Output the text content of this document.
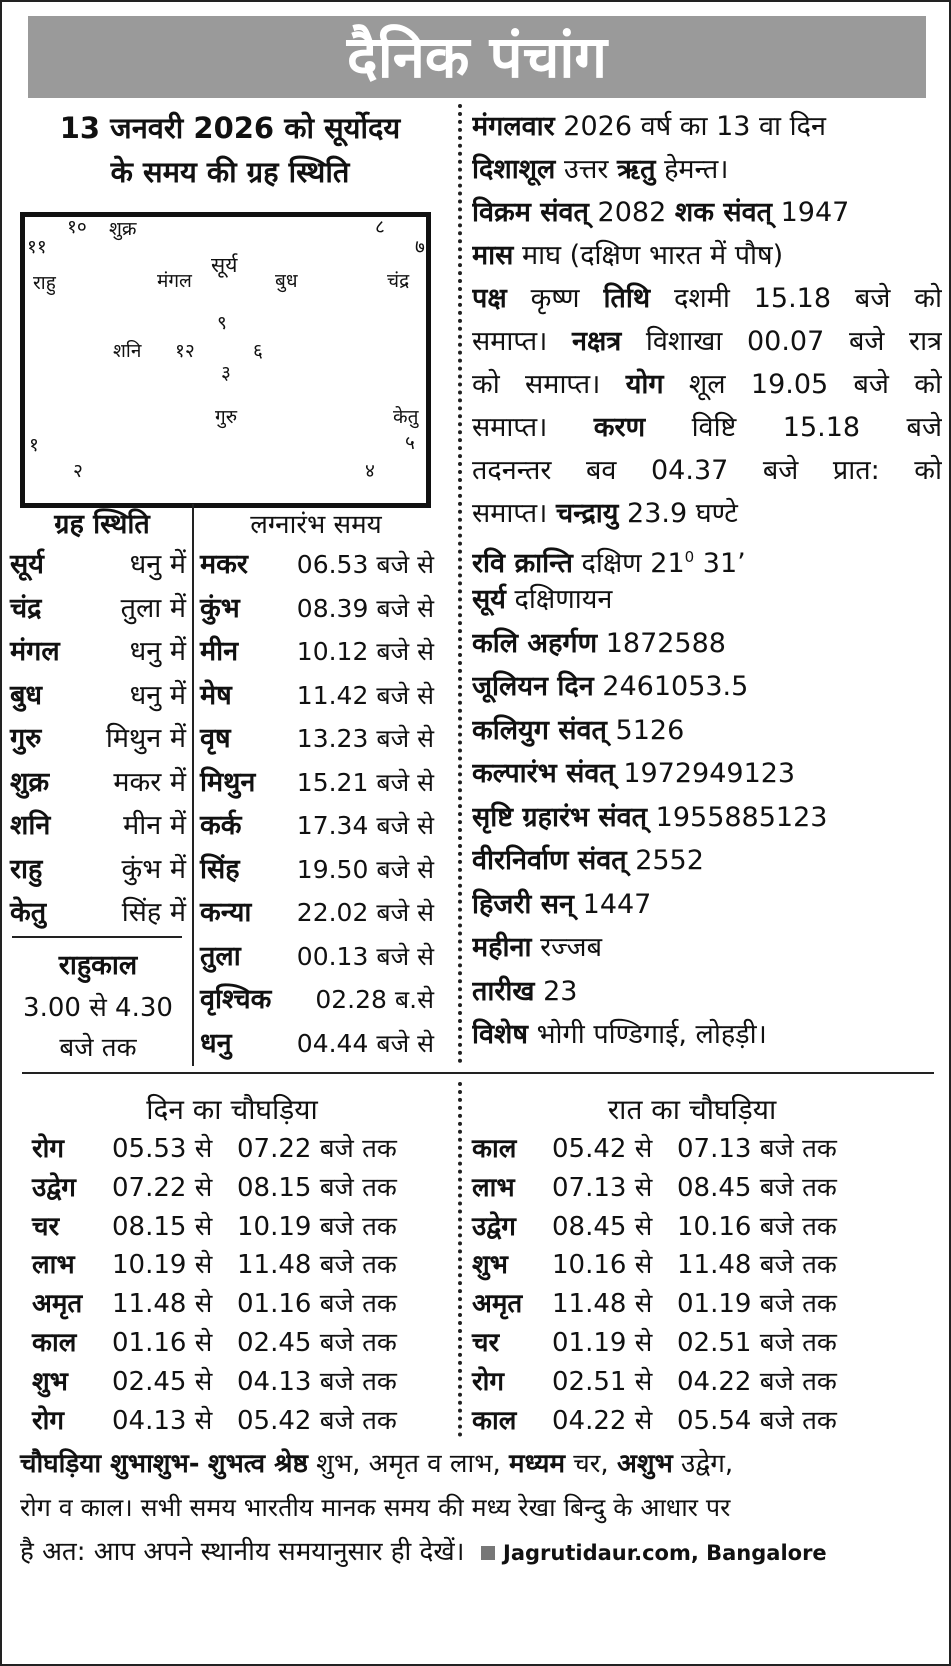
दैनिक पंचांग
13 जनवरी 2026 को सूर्योदय
के समय की ग्रह स्थिति
१० शुक्र	८
११	७
सूर्य
राहु	मंगल	बुध	चंद्र
९
शनि १२	६
३
गुरु	केतु
१	५
२	४
ग्रह स्थिति
सूर्य	धनु में
चंद्र	तुला में
मंगल	धनु में
बुध	धनु में
गुरु	मिथुन में
शुक्र	मकर में
शनि	मीन में
राहु	कुंभ में
केतु	सिंह में
राहुकाल
3.00 से 4.30
बजे तक
लग्नारंभ समय
मकर	06.53 बजे से
कुंभ	08.39 बजे से
मीन	10.12 बजे से
मेष	11.42 बजे से
वृष	13.23 बजे से
मिथुन	15.21 बजे से
कर्क	17.34 बजे से
सिंह	19.50 बजे से
कन्या	22.02 बजे से
तुला	00.13 बजे से
वृश्चिक	02.28 ब.से
धनु	04.44 बजे से
मंगलवार 2026 वर्ष का 13 वा दिन
दिशाशूल उत्तर ऋतु हेमन्त।
विक्रम संवत् 2082 शक संवत् 1947
मास माघ (दक्षिण भारत में पौष)
पक्ष कृष्ण तिथि दशमी 15.18 बजे को
समाप्त। नक्षत्र विशाखा 00.07 बजे रात्र
को समाप्त। योग शूल 19.05 बजे को
समाप्त। करण विष्टि 15.18 बजे
तदनन्तर बव 04.37 बजे प्रात: को
समाप्त। चन्द्रायु 23.9 घण्टे
रवि क्रान्ति दक्षिण $21^0$ 31’
सूर्य दक्षिणायन
कलि अहर्गण 1872588
जूलियन दिन 2461053.5
कलियुग संवत् 5126
कल्पारंभ संवत् 1972949123
सृष्टि ग्रहारंभ संवत् 1955885123
वीरनिर्वाण संवत् 2552
हिजरी सन् 1447
महीना रज्जब
तारीख 23
विशेष भोगी पण्डिगाई, लोहड़ी।
दिन का चौघड़िया	रात का चौघड़िया
रोग 05.53 से 07.22 बजे तक
उद्वेग 07.22 से 08.15 बजे तक
चर 08.15 से 10.19 बजे तक
लाभ 10.19 से 11.48 बजे तक
अमृत 11.48 से 01.16 बजे तक
काल 01.16 से 02.45 बजे तक
शुभ 02.45 से 04.13 बजे तक
रोग 04.13 से 05.42 बजे तक
काल 05.42 से 07.13 बजे तक
लाभ 07.13 से 08.45 बजे तक
उद्वेग 08.45 से 10.16 बजे तक
शुभ 10.16 से 11.48 बजे तक
अमृत 11.48 से 01.19 बजे तक
चर 01.19 से 02.51 बजे तक
रोग 02.51 से 04.22 बजे तक
काल 04.22 से 05.54 बजे तक
चौघड़िया शुभाशुभ- शुभत्व श्रेष्ठ शुभ, अमृत व लाभ, मध्यम चर, अशुभ उद्वेग,
रोग व काल। सभी समय भारतीय मानक समय की मध्य रेखा बिन्दु के आधार पर
है अत: आप अपने स्थानीय समयानुसार ही देखें। Jagrutidaur.com, Bangalore
